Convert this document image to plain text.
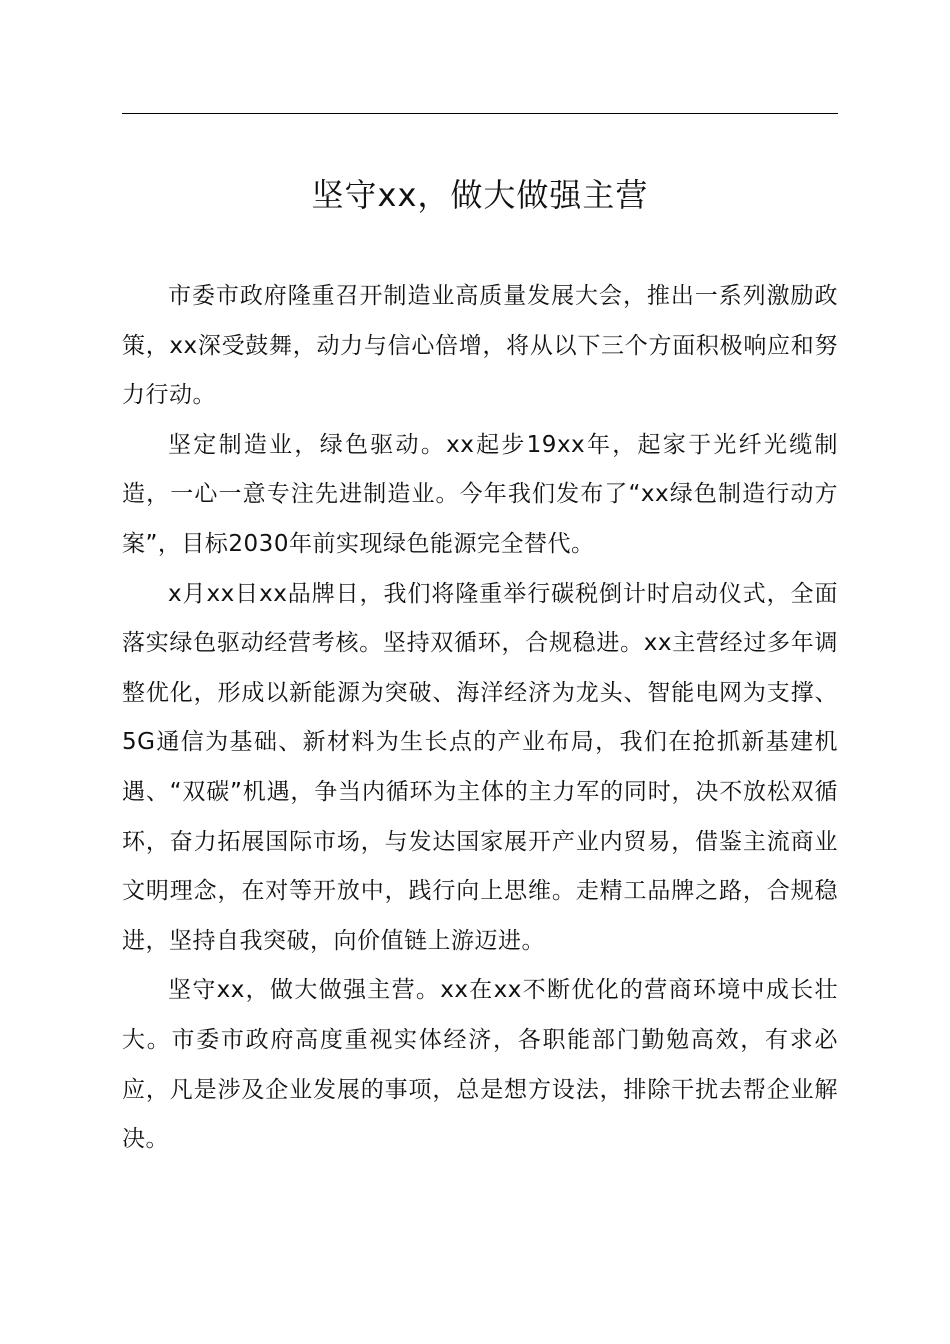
坚守xx，做大做强主营

市委市政府隆重召开制造业高质量发展大会，推出一系列激励政策，xx深受鼓舞，动力与信心倍增，将从以下三个方面积极响应和努力行动。

坚定制造业，绿色驱动。xx起步19xx年，起家于光纤光缆制造，一心一意专注先进制造业。今年我们发布了“xx绿色制造行动方案”，目标2030年前实现绿色能源完全替代。

x月xx日xx品牌日，我们将隆重举行碳税倒计时启动仪式，全面落实绿色驱动经营考核。坚持双循环，合规稳进。xx主营经过多年调整优化，形成以新能源为突破、海洋经济为龙头、智能电网为支撑、5G通信为基础、新材料为生长点的产业布局，我们在抢抓新基建机遇、“双碳”机遇，争当内循环为主体的主力军的同时，决不放松双循环，奋力拓展国际市场，与发达国家展开产业内贸易，借鉴主流商业文明理念，在对等开放中，践行向上思维。走精工品牌之路，合规稳进，坚持自我突破，向价值链上游迈进。

坚守xx，做大做强主营。xx在xx不断优化的营商环境中成长壮大。市委市政府高度重视实体经济，各职能部门勤勉高效，有求必应，凡是涉及企业发展的事项，总是想方设法，排除干扰去帮企业解决。
